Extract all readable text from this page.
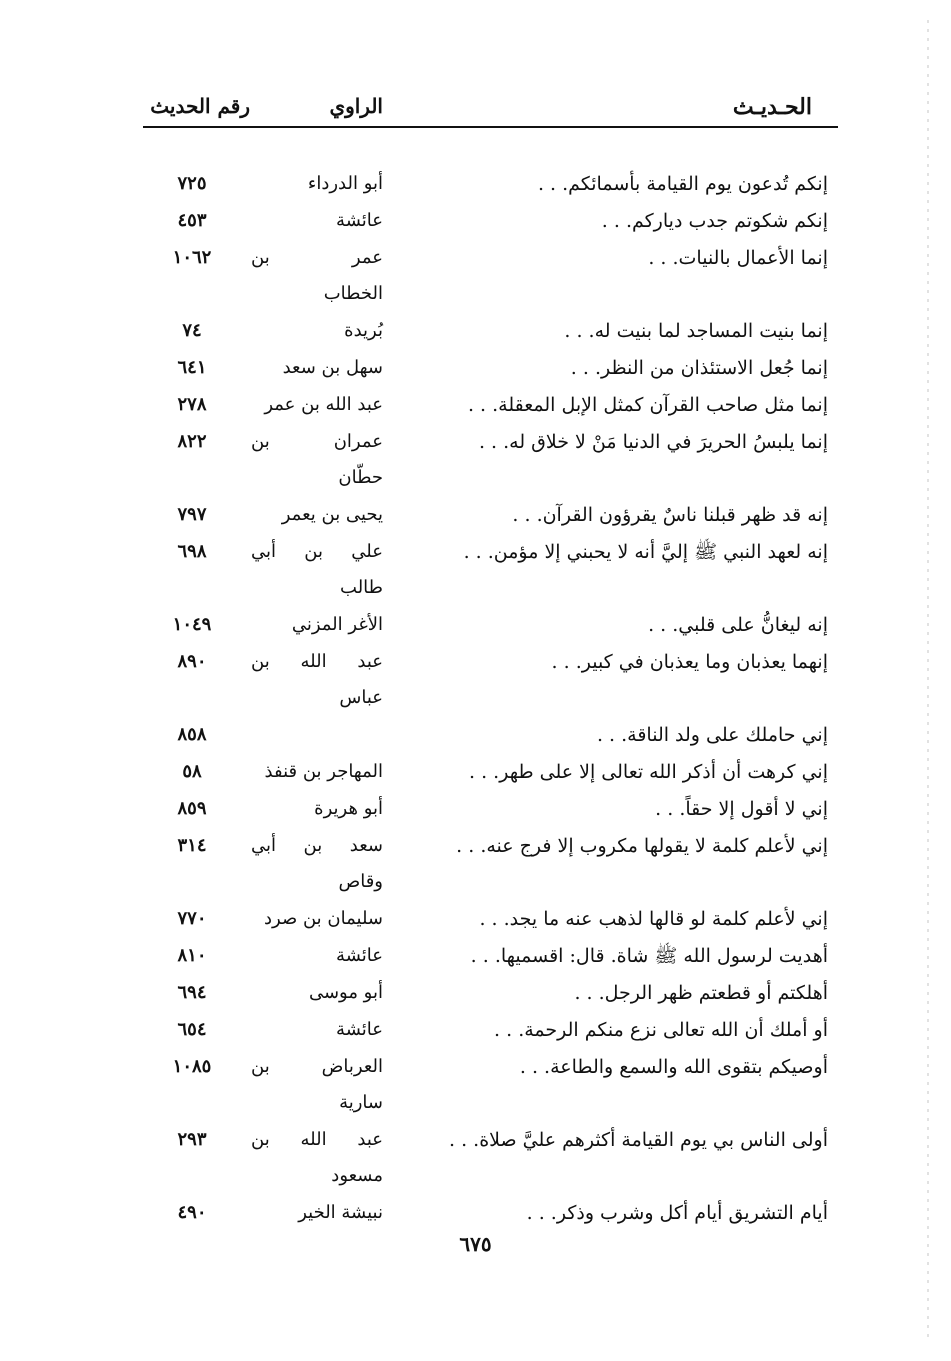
الحـديـث
الراوي
رقم الحديث
إنكم تُدعون يوم القيامة بأسمائكم. . .
أبو الدرداء
٧٢٥
إنكم شكوتم جدب دياركم. . .
عائشة
٤٥٣
إنما الأعمال بالنيات. . .
عمر بن
الخطاب
١٠٦٢
إنما بنيت المساجد لما بنيت له. . .
بُريدة
٧٤
إنما جُعل الاستئذان من النظر. . .
سهل بن سعد
٦٤١
إنما مثل صاحب القرآن كمثل الإبل المعقلة. . .
عبد الله بن عمر
٢٧٨
إنما يلبسُ الحريرَ في الدنيا مَنْ لا خلاق له. . .
عمران بن
حطّان
٨٢٢
إنه قد ظهر قبلنا ناسٌ يقرؤون القرآن. . .
يحيى بن يعمر
٧٩٧
إنه لعهد النبي ﷺ إليَّ أنه لا يحبني إلا مؤمن. . .
علي بن أبي
طالب
٦٩٨
إنه ليغانُّ على قلبي. . .
الأغر المزني
١٠٤٩
إنهما يعذبان وما يعذبان في كبير. . .
عبد الله بن
عباس
٨٩٠
إني حاملك على ولد الناقة. . .
٨٥٨
إني كرهت أن أذكر الله تعالى إلا على طهر. . .
المهاجر بن قنفذ
٥٨
إني لا أقول إلا حقاً. . .
أبو هريرة
٨٥٩
إني لأعلم كلمة لا يقولها مكروب إلا فرج عنه. . .
سعد بن أبي
وقاص
٣١٤
إني لأعلم كلمة لو قالها لذهب عنه ما يجد. . .
سليمان بن صرد
٧٧٠
أهديت لرسول الله ﷺ شاة. قال: اقسميها. . .
عائشة
٨١٠
أهلكتم أو قطعتم ظهر الرجل. . .
أبو موسى
٦٩٤
أو أملك أن الله تعالى نزع منكم الرحمة. . .
عائشة
٦٥٤
أوصيكم بتقوى الله والسمع والطاعة. . .
العرباض بن
سارية
١٠٨٥
أولى الناس بي يوم القيامة أكثرهم عليَّ صلاة. . .
عبد الله بن
مسعود
٢٩٣
أيام التشريق أيام أكل وشرب وذكر. . .
نبيشة الخير
٤٩٠
٦٧٥
